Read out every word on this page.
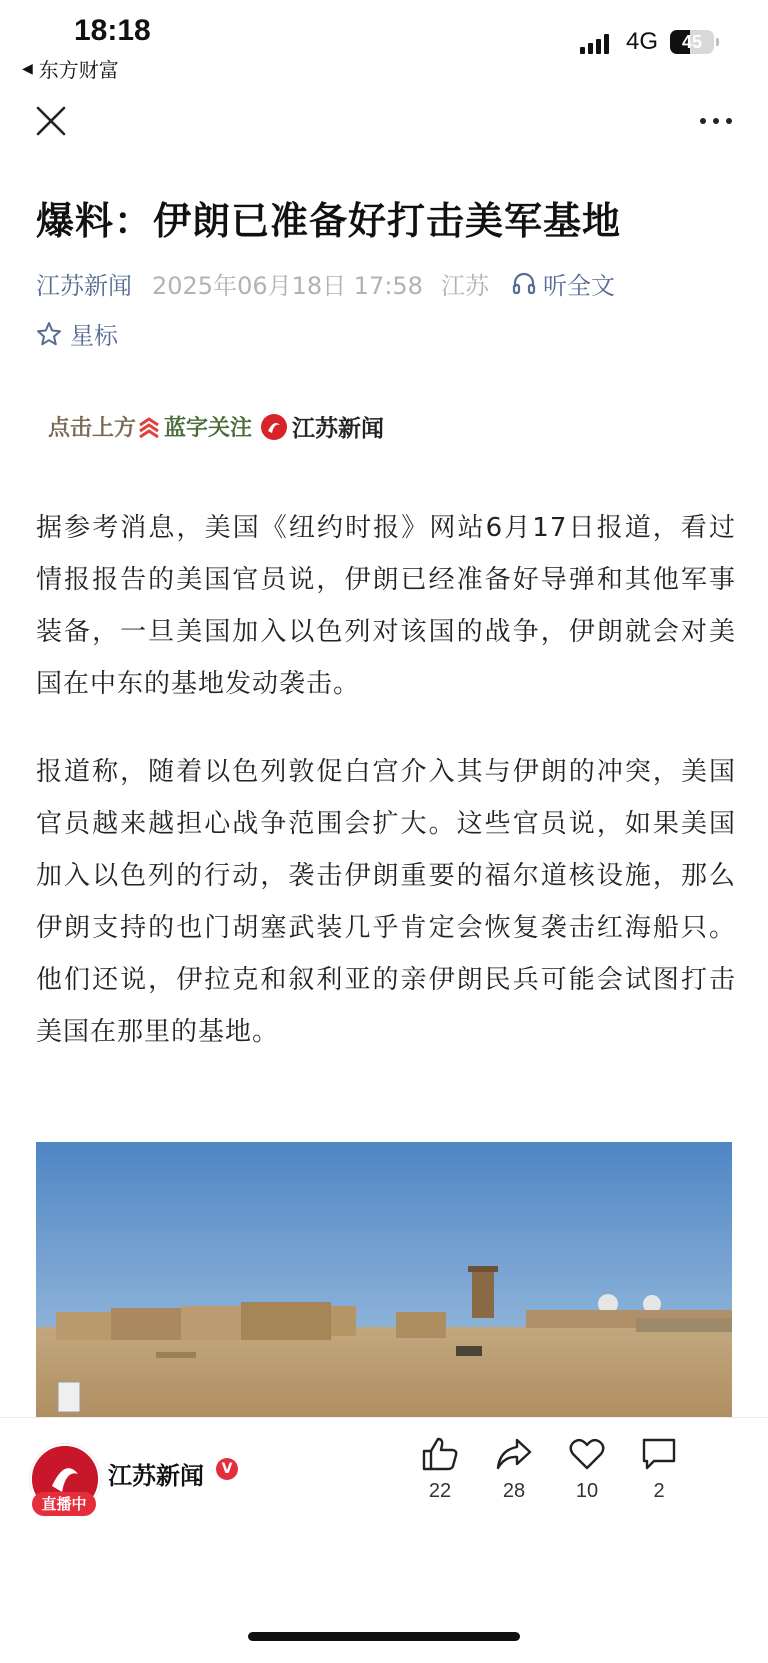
18:18
◀ 东方财富
4G	45
爆料：伊朗已准备好打击美军基地
江苏新闻 2025年06月18日 17:58 江苏 听全文
星标
点击上方 蓝字关注 江苏新闻
据参考消息，美国《纽约时报》网站6月17日报道，看过情报报告的美国官员说，伊朗已经准备好导弹和其他军事装备，一旦美国加入以色列对该国的战争，伊朗就会对美国在中东的基地发动袭击。
报道称，随着以色列敦促白宫介入其与伊朗的冲突，美国官员越来越担心战争范围会扩大。这些官员说，如果美国加入以色列的行动，袭击伊朗重要的福尔道核设施，那么伊朗支持的也门胡塞武装几乎肯定会恢复袭击红海船只。他们还说，伊拉克和叙利亚的亲伊朗民兵可能会试图打击美国在那里的基地。
直播中
江苏新闻	V
22	28	10	2
